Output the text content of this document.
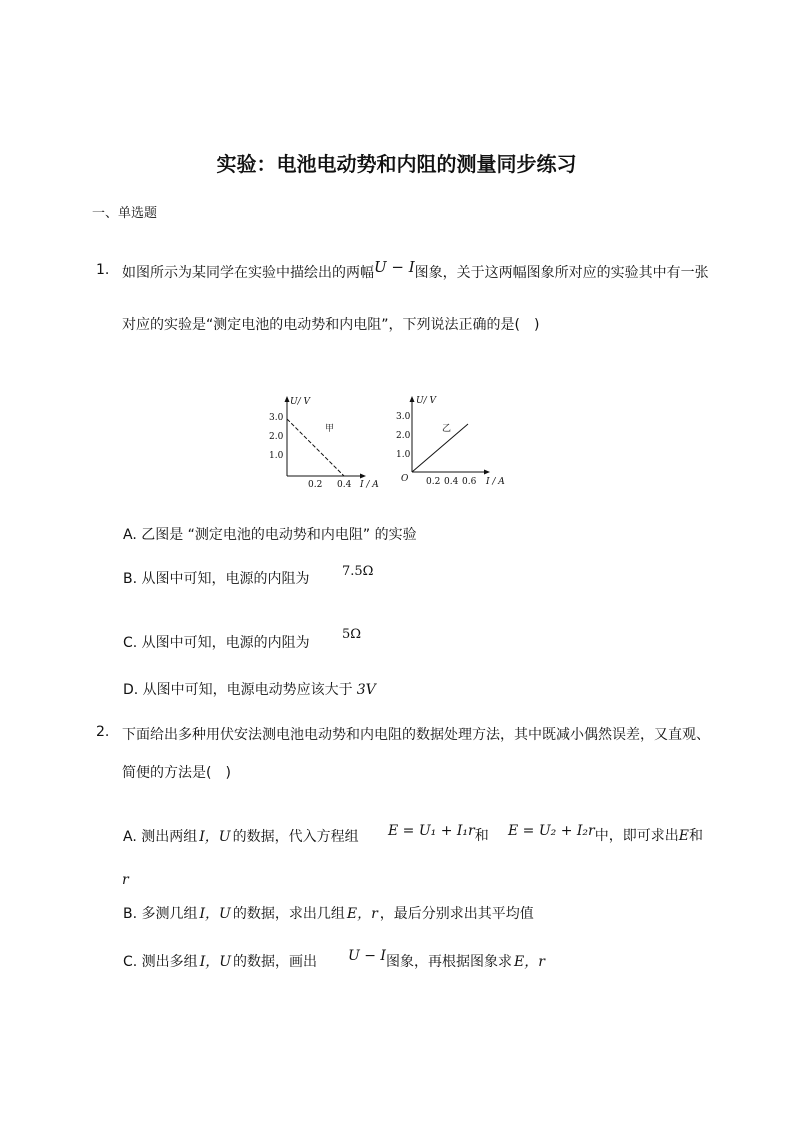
实验：电池电动势和内阻的测量同步练习
一、单选题
1. 如图所示为某同学在实验中描绘出的两幅U − I图象，关于这两幅图象所对应的实验其中有一张
对应的实验是“测定电池的电动势和内电阻”，下列说法正确的是(　)
U/ V
I / A
3.0
2.0
1.0
0.2 0.4
甲
U/ V
I / A
O
3.0
2.0
1.0
0.2 0.4 0.6
乙
A. 乙图是 “测定电池的电动势和内电阻” 的实验
B. 从图中可知，电源的内阻为 7.5Ω
C. 从图中可知，电源的内阻为
5Ω
D. 从图中可知，电源电动势应该大于 3V
2. 下面给出多种用伏安法测电池电动势和内电阻的数据处理方法，其中既减小偶然误差，又直观、
简便的方法是(　)
A. 测出两组 I，U 的数据，代入方程组 E = U₁ + I₁r和 E = U₂ + I₂r中，即可求出E和
r
B. 多测几组 I，U 的数据，求出几组 E，r ，最后分别求出其平均值
C. 测出多组 I，U 的数据，画出 U − I图象，再根据图象求 E，r
